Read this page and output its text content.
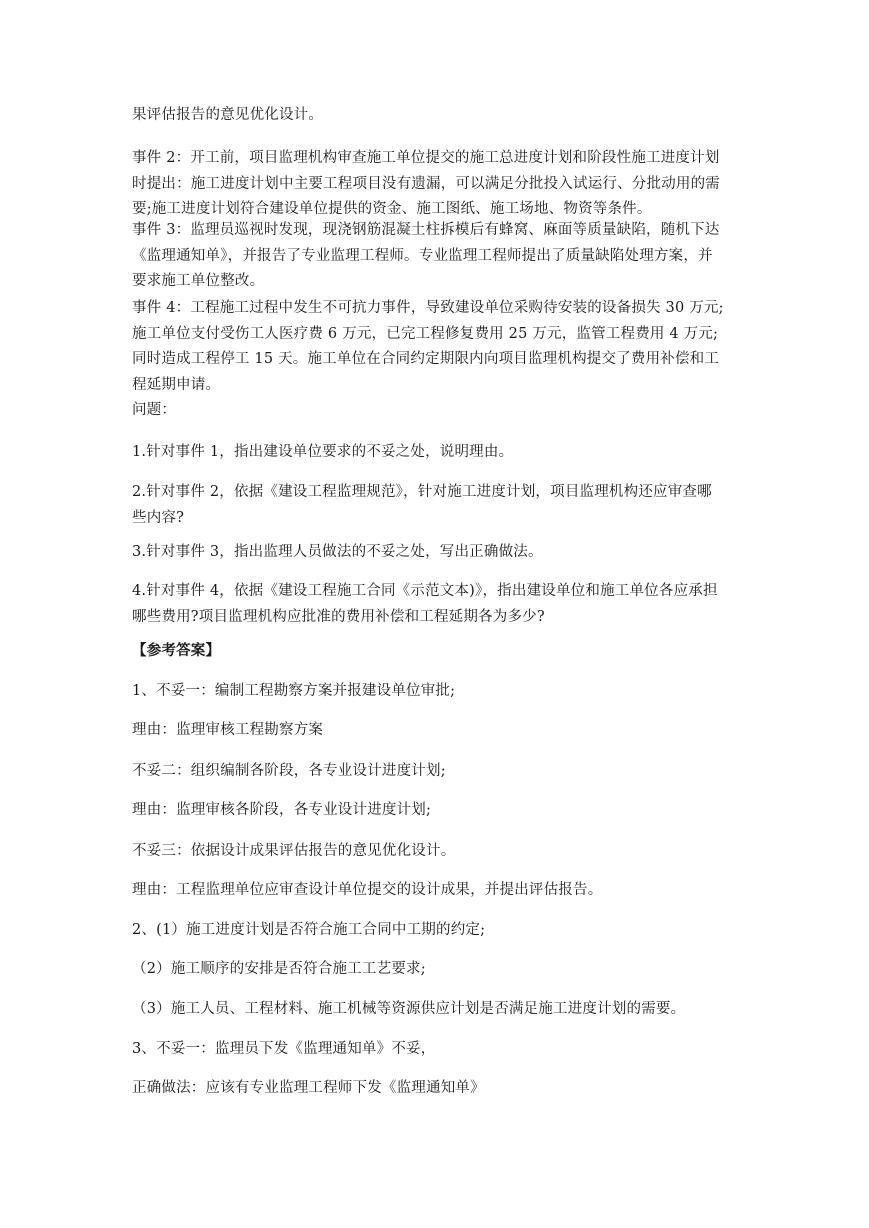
果评估报告的意见优化设计。

事件 2：开工前，项目监理机构审查施工单位提交的施工总进度计划和阶段性施工进度计划
时提出：施工进度计划中主要工程项目没有遗漏，可以满足分批投入试运行、分批动用的需
要;施工进度计划符合建设单位提供的资金、施工图纸、施工场地、物资等条件。

事件 3：监理员巡视时发现，现浇钢筋混凝土柱拆模后有蜂窝、麻面等质量缺陷，随机下达
《监理通知单》，并报告了专业监理工程师。专业监理工程师提出了质量缺陷处理方案，并
要求施工单位整改。

事件 4：工程施工过程中发生不可抗力事件，导致建设单位采购待安装的设备损失 30 万元;
施工单位支付受伤工人医疗费 6 万元，已完工程修复费用 25 万元，监管工程费用 4 万元;
同时造成工程停工 15 天。施工单位在合同约定期限内向项目监理机构提交了费用补偿和工
程延期申请。

问题：

1.针对事件 1，指出建设单位要求的不妥之处，说明理由。

2.针对事件 2，依据《建设工程监理规范》，针对施工进度计划，项目监理机构还应审查哪
些内容?

3.针对事件 3，指出监理人员做法的不妥之处，写出正确做法。

4.针对事件 4，依据《建设工程施工合同《示范文本)》，指出建设单位和施工单位各应承担
哪些费用?项目监理机构应批准的费用补偿和工程延期各为多少?

【参考答案】

1、不妥一：编制工程勘察方案并报建设单位审批;

理由：监理审核工程勘察方案

不妥二：组织编制各阶段，各专业设计进度计划;

理由：监理审核各阶段，各专业设计进度计划;

不妥三：依据设计成果评估报告的意见优化设计。

理由：工程监理单位应审查设计单位提交的设计成果，并提出评估报告。

2、(1）施工进度计划是否符合施工合同中工期的约定;

（2）施工顺序的安排是否符合施工工艺要求;

（3）施工人员、工程材料、施工机械等资源供应计划是否满足施工进度计划的需要。

3、不妥一：监理员下发《监理通知单》不妥，

正确做法：应该有专业监理工程师下发《监理通知单》
